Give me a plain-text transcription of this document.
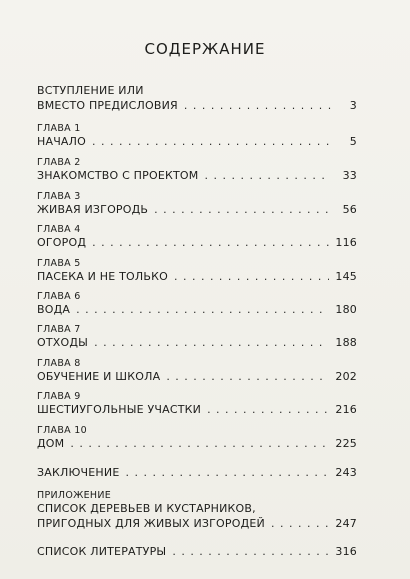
СОДЕРЖАНИЕ
ВСТУПЛЕНИЕ ИЛИ
ВМЕСТО ПРЕДИСЛОВИЯ . . .	3
ГЛАВА 1
НАЧАЛО . . .	5
ГЛАВА 2
ЗНАКОМСТВО С ПРОЕКТОМ . . .	33
ГЛАВА 3
ЖИВАЯ ИЗГОРОДЬ . . .	56
ГЛАВА 4
ОГОРОД . . .	116
ГЛАВА 5
ПАСЕКА И НЕ ТОЛЬКО . . .	145
ГЛАВА 6
ВОДА . . .	180
ГЛАВА 7
ОТХОДЫ . . .	188
ГЛАВА 8
ОБУЧЕНИЕ И ШКОЛА . . .	202
ГЛАВА 9
ШЕСТИУГОЛЬНЫЕ УЧАСТКИ . . .	216
ГЛАВА 10
ДОМ . . .	225
ЗАКЛЮЧЕНИЕ . . .	243
ПРИЛОЖЕНИЕ
СПИСОК ДЕРЕВЬЕВ И КУСТАРНИКОВ,
ПРИГОДНЫХ ДЛЯ ЖИВЫХ ИЗГОРОДЕЙ . . .	247
СПИСОК ЛИТЕРАТУРЫ . . .	316
